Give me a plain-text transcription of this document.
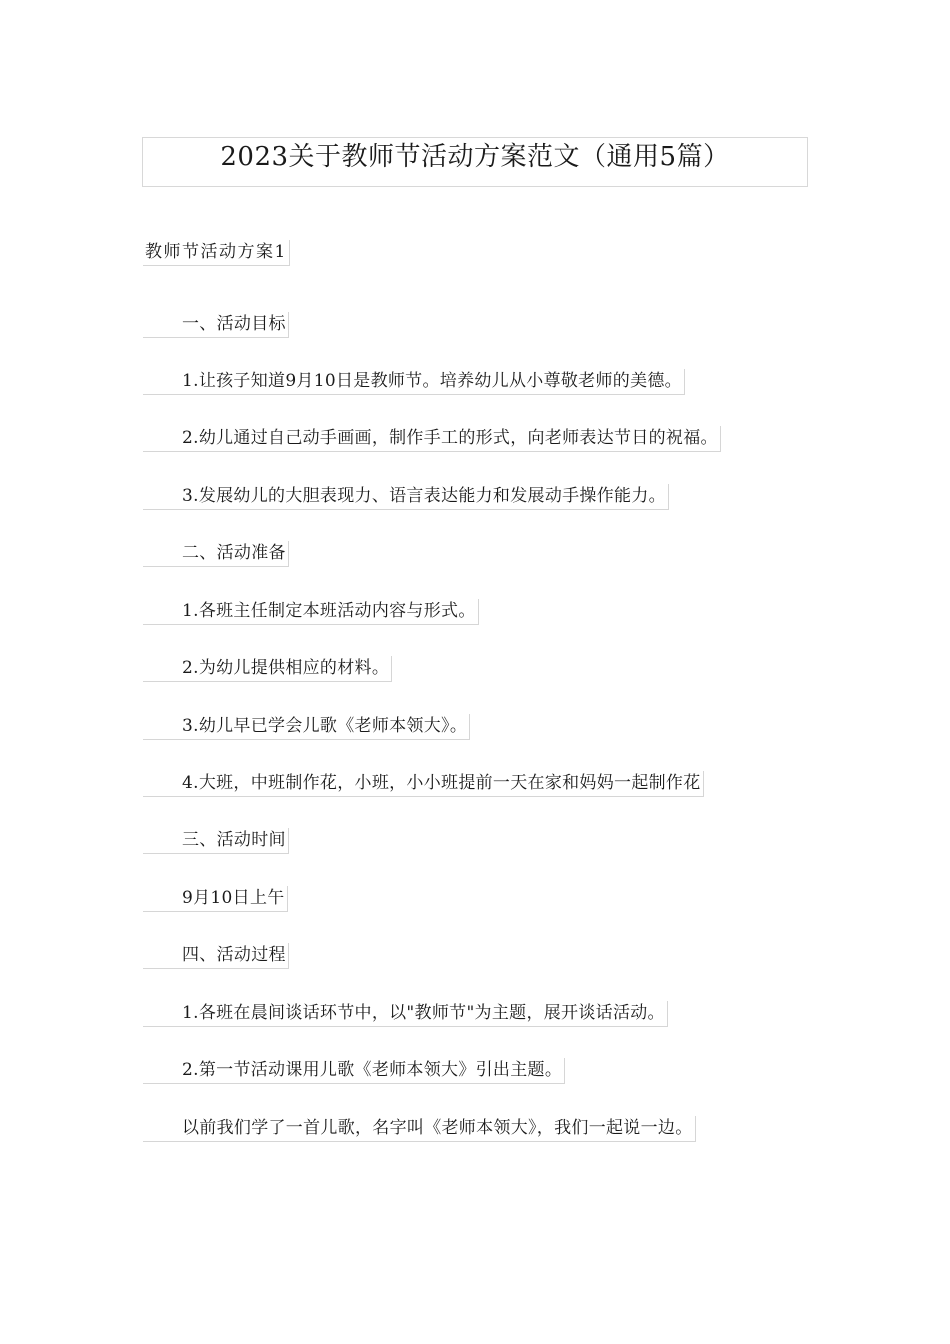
2023关于教师节活动方案范文（通用5篇）
教师节活动方案1
一、活动目标
1.让孩子知道9月10日是教师节。培养幼儿从小尊敬老师的美德。
2.幼儿通过自己动手画画，制作手工的形式，向老师表达节日的祝福。
3.发展幼儿的大胆表现力、语言表达能力和发展动手操作能力。
二、活动准备
1.各班主任制定本班活动内容与形式。
2.为幼儿提供相应的材料。
3.幼儿早已学会儿歌《老师本领大》。
4.大班，中班制作花，小班，小小班提前一天在家和妈妈一起制作花
三、活动时间
9月10日上午
四、活动过程
1.各班在晨间谈话环节中，以"教师节"为主题，展开谈话活动。
2.第一节活动课用儿歌《老师本领大》引出主题。
以前我们学了一首儿歌，名字叫《老师本领大》，我们一起说一边。
